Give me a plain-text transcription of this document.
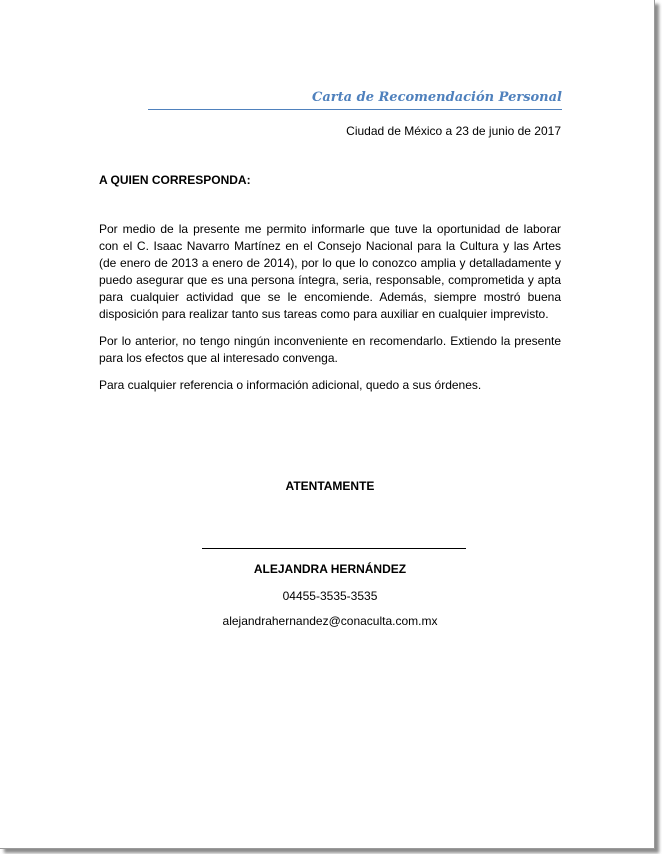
Carta de Recomendación Personal
Ciudad de México a 23 de junio de 2017
A QUIEN CORRESPONDA:

Por medio de la presente me permito informarle que tuve la oportunidad de laborar con el C. Isaac Navarro Martínez en el Consejo Nacional para la Cultura y las Artes (de enero de 2013 a enero de 2014), por lo que lo conozco amplia y detalladamente y puedo asegurar que es una persona íntegra, seria, responsable, comprometida y apta para cualquier actividad que se le encomiende. Además, siempre mostró buena disposición para realizar tanto sus tareas como para auxiliar en cualquier imprevisto.

Por lo anterior, no tengo ningún inconveniente en recomendarlo. Extiendo la presente para los efectos que al interesado convenga.

Para cualquier referencia o información adicional, quedo a sus órdenes.

ATENTAMENTE
ALEJANDRA HERNÁNDEZ
04455-3535-3535
alejandrahernandez@conaculta.com.mx
